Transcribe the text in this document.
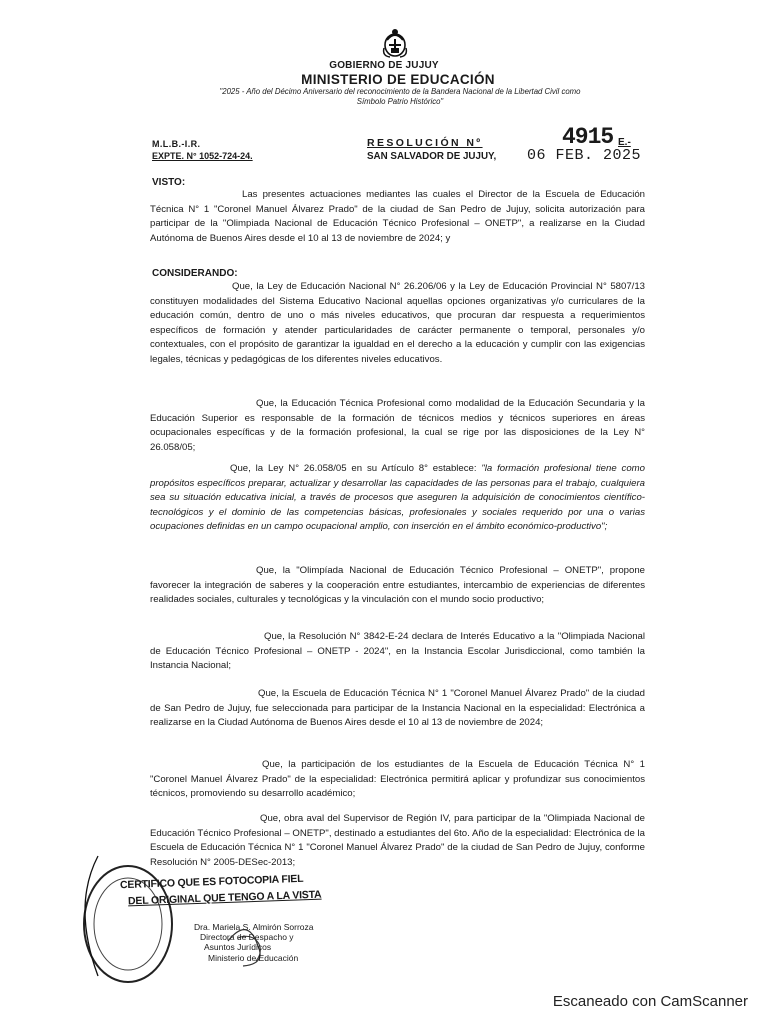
GOBIERNO DE JUJUY
MINISTERIO DE EDUCACIÓN
"2025 - Año del Décimo Aniversario del reconocimiento de la Bandera Nacional de la Libertad Civil como
Símbolo Patrio Histórico"
M.L.B.-I.R.
EXPTE. N° 1052-724-24.
RESOLUCIÓN Nº	4915 E.-
SAN SALVADOR DE JUJUY, 06 FEB. 2025
VISTO:

Las presentes actuaciones mediantes las cuales el Director de la Escuela de Educación Técnica N° 1 "Coronel Manuel Álvarez Prado" de la ciudad de San Pedro de Jujuy, solicita autorización para participar de la "Olimpiada Nacional de Educación Técnico Profesional – ONETP", a realizarse en la Ciudad Autónoma de Buenos Aires desde el 10 al 13 de noviembre de 2024; y

CONSIDERANDO:

Que, la Ley de Educación Nacional N° 26.206/06 y la Ley de Educación Provincial N° 5807/13 constituyen modalidades del Sistema Educativo Nacional aquellas opciones organizativas y/o curriculares de la educación común, dentro de uno o más niveles educativos, que procuran dar respuesta a requerimientos específicos de formación y atender particularidades de carácter permanente o temporal, personales y/o contextuales, con el propósito de garantizar la igualdad en el derecho a la educación y cumplir con las exigencias legales, técnicas y pedagógicas de los diferentes niveles educativos.

Que, la Educación Técnica Profesional como modalidad de la Educación Secundaria y la Educación Superior es responsable de la formación de técnicos medios y técnicos superiores en áreas ocupacionales específicas y de la formación profesional, la cual se rige por las disposiciones de la Ley N° 26.058/05;

Que, la Ley N° 26.058/05 en su Artículo 8° establece: "la formación profesional tiene como propósitos específicos preparar, actualizar y desarrollar las capacidades de las personas para el trabajo, cualquiera sea su situación educativa inicial, a través de procesos que aseguren la adquisición de conocimientos científico-tecnológicos y el dominio de las competencias básicas, profesionales y sociales requerido por una o varias ocupaciones definidas en un campo ocupacional amplio, con inserción en el ámbito económico-productivo";

Que, la "Olimpíada Nacional de Educación Técnico Profesional – ONETP", propone favorecer la integración de saberes y la cooperación entre estudiantes, intercambio de experiencias de diferentes realidades sociales, culturales y tecnológicas y la vinculación con el mundo socio productivo;

Que, la Resolución N° 3842-E-24 declara de Interés Educativo a la "Olimpiada Nacional de Educación Técnico Profesional – ONETP - 2024", en la Instancia Escolar Jurisdiccional, como también la Instancia Nacional;

Que, la Escuela de Educación Técnica N° 1 "Coronel Manuel Álvarez Prado" de la ciudad de San Pedro de Jujuy, fue seleccionada para participar de la Instancia Nacional en la especialidad: Electrónica a realizarse en la Ciudad Autónoma de Buenos Aires desde el 10 al 13 de noviembre de 2024;

Que, la participación de los estudiantes de la Escuela de Educación Técnica N° 1 "Coronel Manuel Álvarez Prado" de la especialidad: Electrónica permitirá aplicar y profundizar sus conocimientos técnicos, promoviendo su desarrollo académico;

Que, obra aval del Supervisor de Región IV, para participar de la "Olimpiada Nacional de Educación Técnico Profesional – ONETP", destinado a estudiantes del 6to. Año de la especialidad: Electrónica de la Escuela de Educación Técnica N° 1 "Coronel Manuel Álvarez Prado" de la ciudad de San Pedro de Jujuy, conforme Resolución N° 2005-DESec-2013;

CERTIFICO QUE ES FOTOCOPIA FIEL
DEL ORIGINAL QUE TENGO A LA VISTA
Dra. Mariela S. Almirón Sorroza
Directora de Despacho y
Asuntos Jurídicos
Ministerio de Educación
Escaneado con CamScanner
